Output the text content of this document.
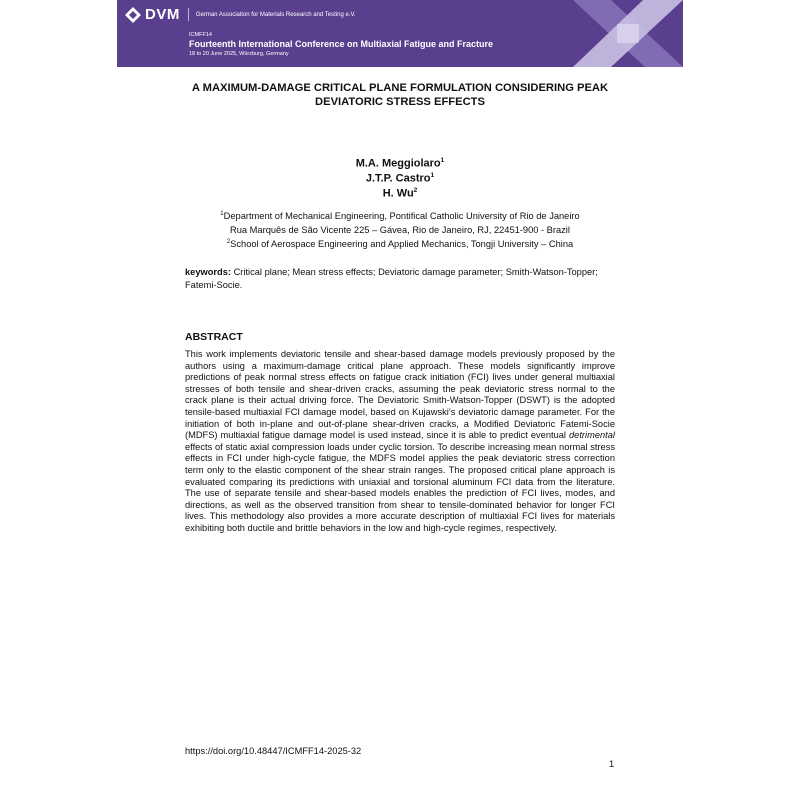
DVM	German Association for Materials Research and Testing e.V.
ICMFF14
Fourteenth International Conference on Multiaxial Fatigue and Fracture
18 to 20 June 2025, Würzburg, Germany
A MAXIMUM-DAMAGE CRITICAL PLANE FORMULATION CONSIDERING PEAK
DEVIATORIC STRESS EFFECTS
M.A. Meggiolaro$^1$
J.T.P. Castro$^1$
H. Wu$^2$
$^1$Department of Mechanical Engineering, Pontifical Catholic University of Rio de Janeiro
Rua Marquês de São Vicente 225 – Gávea, Rio de Janeiro, RJ, 22451-900 - Brazil
$^2$School of Aerospace Engineering and Applied Mechanics, Tongji University – China
keywords: Critical plane; Mean stress effects; Deviatoric damage parameter; Smith-Watson-Topper; Fatemi-Socie.
ABSTRACT
This work implements deviatoric tensile and shear-based damage models previously proposed by the authors using a maximum-damage critical plane approach. These models significantly improve predictions of peak normal stress effects on fatigue crack initiation (FCI) lives under general multiaxial stresses of both tensile and shear-driven cracks, assuming the peak deviatoric stress normal to the crack plane is their actual driving force. The Deviatoric Smith-Watson-Topper (DSWT) is the adopted tensile-based multiaxial FCI damage model, based on Kujawski’s deviatoric damage parameter. For the initiation of both in-plane and out-of-plane shear-driven cracks, a Modified Deviatoric Fatemi-Socie (MDFS) multiaxial fatigue damage model is used instead, since it is able to predict eventual detrimental effects of static axial compression loads under cyclic torsion. To describe increasing mean normal stress effects in FCI under high-cycle fatigue, the MDFS model applies the peak deviatoric stress correction term only to the elastic component of the shear strain ranges. The proposed critical plane approach is evaluated comparing its predictions with uniaxial and torsional aluminum FCI data from the literature. The use of separate tensile and shear-based models enables the prediction of FCI lives, modes, and directions, as well as the observed transition from shear to tensile-dominated behavior for longer FCI lives. This methodology also provides a more accurate description of multiaxial FCI lives for materials exhibiting both ductile and brittle behaviors in the low and high-cycle regimes, respectively.
https://doi.org/10.48447/ICMFF14-2025-32
1
